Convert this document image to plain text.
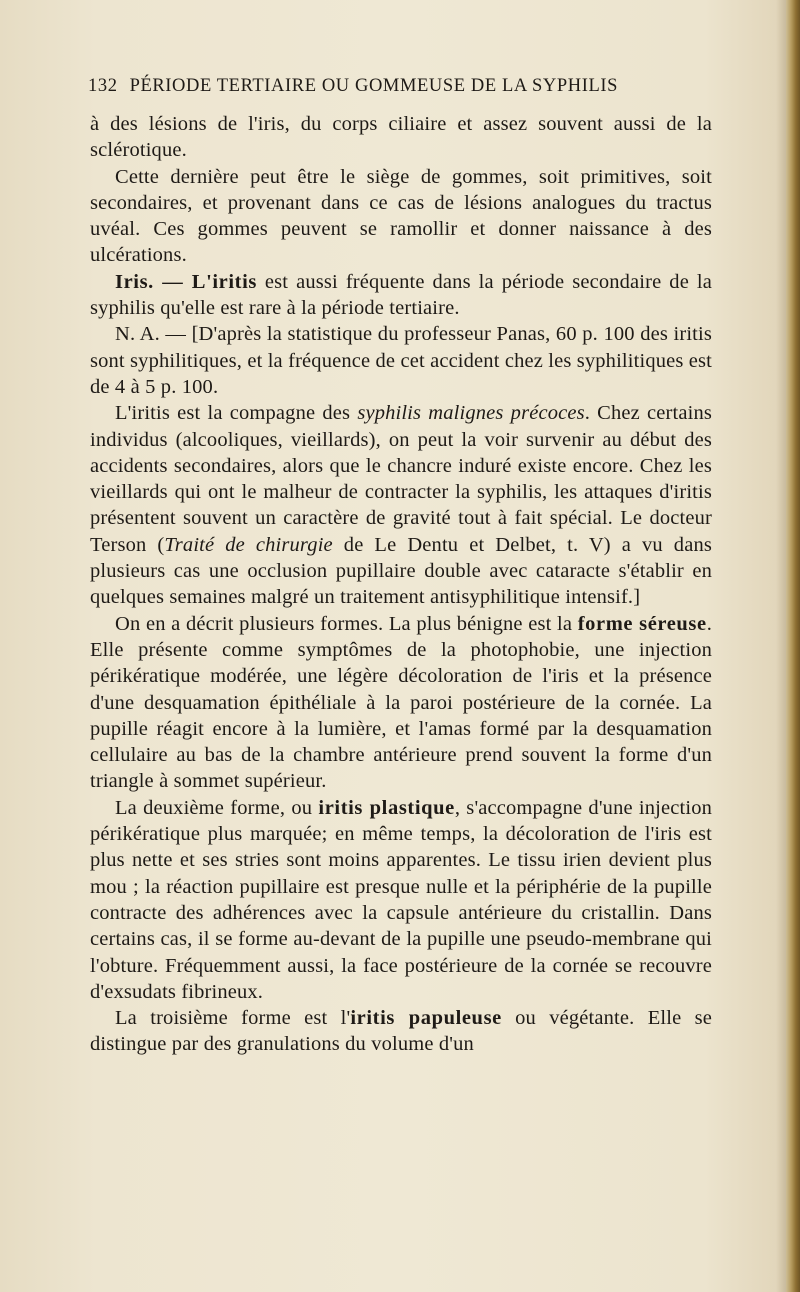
132 PÉRIODE TERTIAIRE OU GOMMEUSE DE LA SYPHILIS

à des lésions de l'iris, du corps ciliaire et assez souvent aussi de la sclérotique.

Cette dernière peut être le siège de gommes, soit primitives, soit secondaires, et provenant dans ce cas de lésions analogues du tractus uvéal. Ces gommes peuvent se ramollir et donner naissance à des ulcérations.

Iris. — L'iritis est aussi fréquente dans la période secondaire de la syphilis qu'elle est rare à la période tertiaire.

N. A. — [D'après la statistique du professeur Panas, 60 p. 100 des iritis sont syphilitiques, et la fréquence de cet accident chez les syphilitiques est de 4 à 5 p. 100.

L'iritis est la compagne des syphilis malignes précoces. Chez certains individus (alcooliques, vieillards), on peut la voir survenir au début des accidents secondaires, alors que le chancre induré existe encore. Chez les vieillards qui ont le malheur de contracter la syphilis, les attaques d'iritis présentent souvent un caractère de gravité tout à fait spécial. Le docteur Terson (Traité de chirurgie de Le Dentu et Delbet, t. V) a vu dans plusieurs cas une occlusion pupillaire double avec cataracte s'établir en quelques semaines malgré un traitement antisyphilitique intensif.]

On en a décrit plusieurs formes. La plus bénigne est la forme séreuse. Elle présente comme symptômes de la photophobie, une injection périkératique modérée, une légère décoloration de l'iris et la présence d'une desquamation épithéliale à la paroi postérieure de la cornée. La pupille réagit encore à la lumière, et l'amas formé par la desquamation cellulaire au bas de la chambre antérieure prend souvent la forme d'un triangle à sommet supérieur.

La deuxième forme, ou iritis plastique, s'accompagne d'une injection périkératique plus marquée; en même temps, la décoloration de l'iris est plus nette et ses stries sont moins apparentes. Le tissu irien devient plus mou ; la réaction pupillaire est presque nulle et la périphérie de la pupille contracte des adhérences avec la capsule antérieure du cristallin. Dans certains cas, il se forme au-devant de la pupille une pseudo-membrane qui l'obture. Fréquemment aussi, la face postérieure de la cornée se recouvre d'exsudats fibrineux.

La troisième forme est l'iritis papuleuse ou végétante. Elle se distingue par des granulations du volume d'un
